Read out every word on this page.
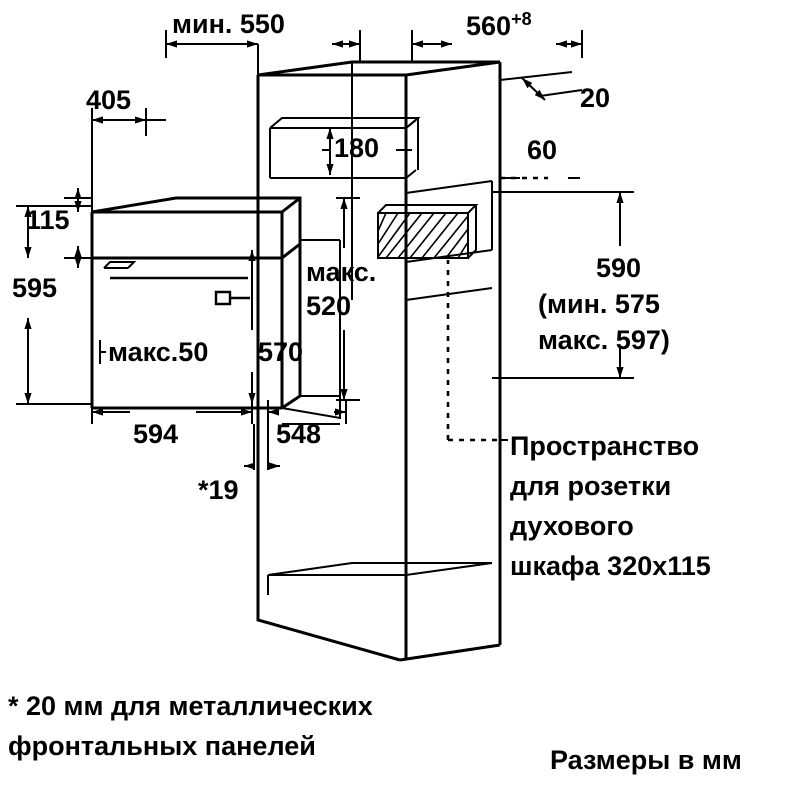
мин. 550	$560^{+8}$
405	20
180	60
115
595
макс.
520
590
(мин. 575
макс. 597)
макс.50 570
594	548
*19
Пространство
для розетки
духового
шкафа 320x115
* 20 мм для металлических
фронтальных панелей	Размеры в мм
